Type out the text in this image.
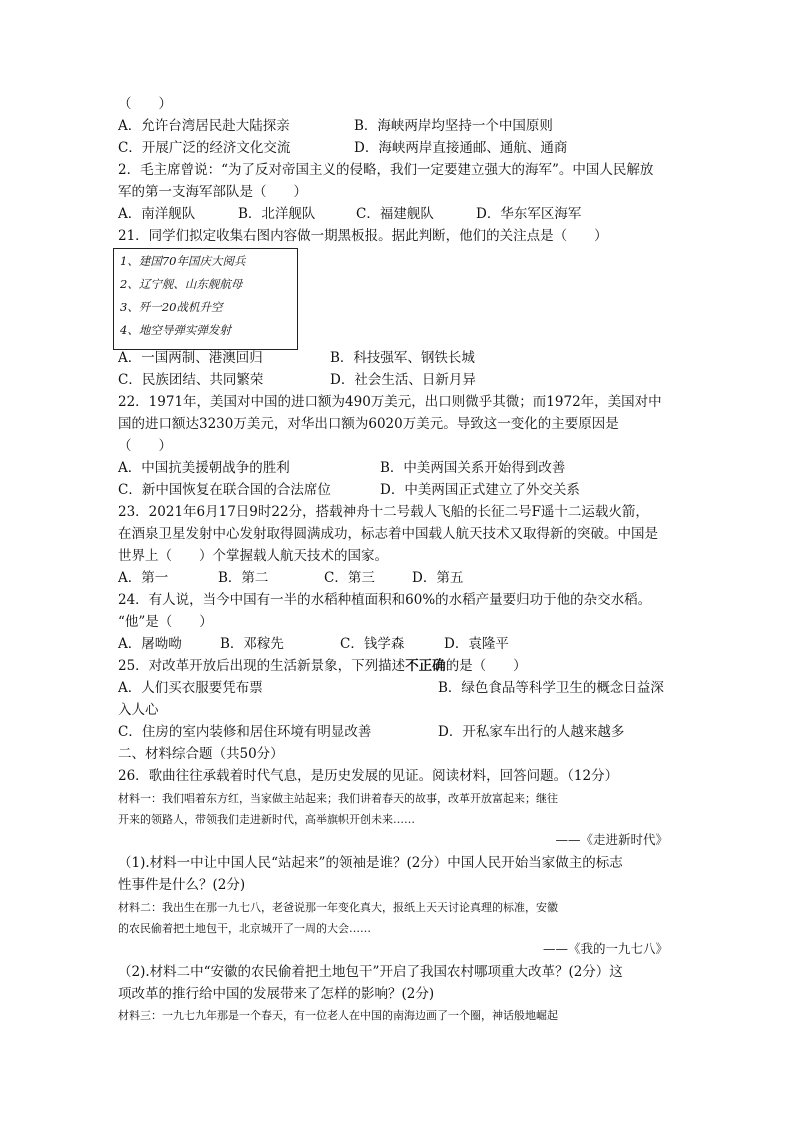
（　　）
A．允许台湾居民赴大陆探亲	B．海峡两岸均坚持一个中国原则
C．开展广泛的经济文化交流	D．海峡两岸直接通邮、通航、通商
2．毛主席曾说：“为了反对帝国主义的侵略，我们一定要建立强大的海军”。中国人民解放
军的第一支海军部队是（　　）
A．南洋舰队	B．北洋舰队	C．福建舰队	D．华东军区海军
21．同学们拟定收集右图内容做一期黑板报。据此判断，他们的关注点是（　　）
1、建国70年国庆大阅兵
2、辽宁舰、山东舰航母
3、歼一20战机升空
4、地空导弹实弹发射
A．一国两制、港澳回归	B．科技强军、钢铁长城
C．民族团结、共同繁荣	D．社会生活、日新月异
22．1971年，美国对中国的进口额为490万美元，出口则微乎其微；而1972年，美国对中
国的进口额达3230万美元，对华出口额为6020万美元。导致这一变化的主要原因是
（　　）
A．中国抗美援朝战争的胜利	B．中美两国关系开始得到改善
C．新中国恢复在联合国的合法席位	D．中美两国正式建立了外交关系
23．2021年6月17日9时22分，搭载神舟十二号载人飞船的长征二号F遥十二运载火箭，
在酒泉卫星发射中心发射取得圆满成功，标志着中国载人航天技术又取得新的突破。中国是
世界上（　　）个掌握载人航天技术的国家。
A．第一	B．第二	C．第三	D．第五
24．有人说，当今中国有一半的水稻种植面积和60%的水稻产量要归功于他的杂交水稻。
“他”是（　　）
A．屠呦呦	B．邓稼先	C．钱学森	D．袁隆平
25．对改革开放后出现的生活新景象，下列描述不正确的是（　　）
A．人们买衣服要凭布票	B．绿色食品等科学卫生的概念日益深
入人心
C．住房的室内装修和居住环境有明显改善	D．开私家车出行的人越来越多
二、材料综合题（共50分）
26．歌曲往往承载着时代气息，是历史发展的见证。阅读材料，回答问题。（12分）
材料一：我们唱着东方红，当家做主站起来；我们讲着春天的故事，改革开放富起来；继往
开来的领路人，带领我们走进新时代，高举旗帜开创未来……
——《走进新时代》
（1).材料一中让中国人民“站起来”的领袖是谁？(2分）中国人民开始当家做主的标志
性事件是什么？(2分)
材料二：我出生在那一九七八，老爸说那一年变化真大，报纸上天天讨论真理的标准，安徽
的农民偷着把土地包干，北京城开了一周的大会……
——《我的一九七八》
（2).材料二中“安徽的农民偷着把土地包干”开启了我国农村哪项重大改革？(2分）这
项改革的推行给中国的发展带来了怎样的影响？(2分)
材料三：一九七九年那是一个春天，有一位老人在中国的南海边画了一个圈，神话般地崛起
